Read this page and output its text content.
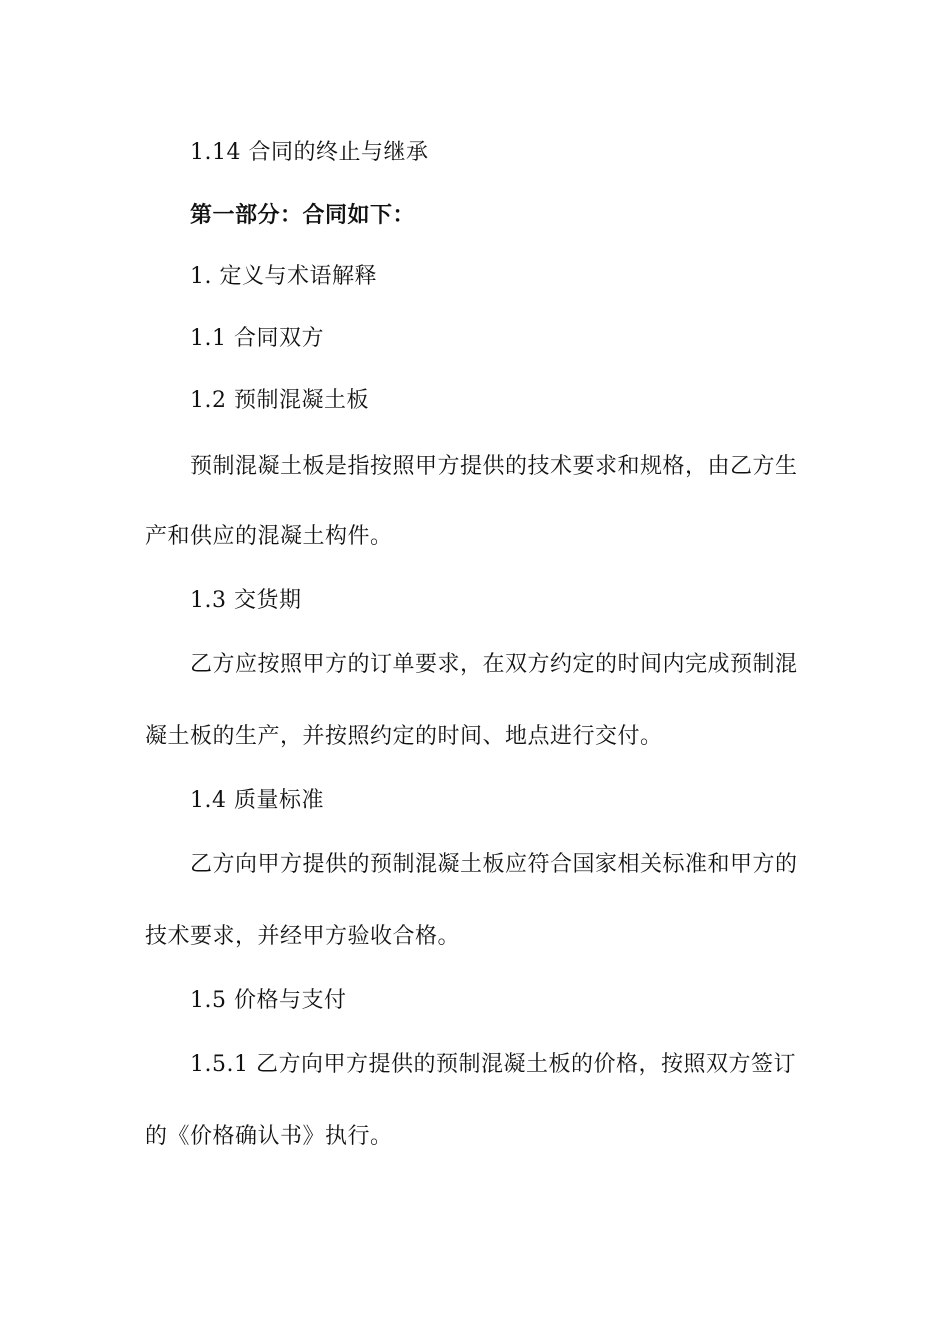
1.14 合同的终止与继承

第一部分：合同如下：

1. 定义与术语解释

1.1 合同双方

1.2 预制混凝土板

预制混凝土板是指按照甲方提供的技术要求和规格，由乙方生

产和供应的混凝土构件。

1.3 交货期

乙方应按照甲方的订单要求，在双方约定的时间内完成预制混

凝土板的生产，并按照约定的时间、地点进行交付。

1.4 质量标准

乙方向甲方提供的预制混凝土板应符合国家相关标准和甲方的

技术要求，并经甲方验收合格。

1.5 价格与支付

1.5.1 乙方向甲方提供的预制混凝土板的价格，按照双方签订

的《价格确认书》执行。
